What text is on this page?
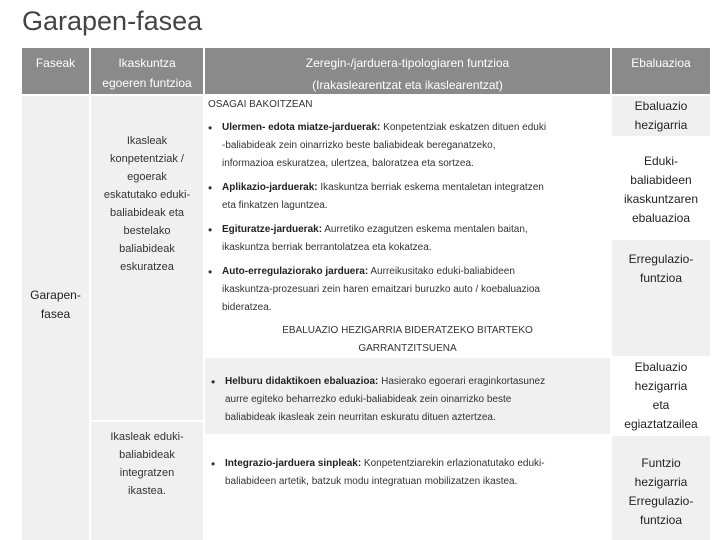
Garapen-fasea
Faseak	Ikaskuntza
egoeren funtzioa
Zeregin-/jarduera-tipologiaren funtzioa
(Irakaslearentzat eta ikaslearentzat)
Ebaluazioa
Garapen-
fasea
Ikasleak
konpetentziak /
egoerak
eskatutako eduki-
baliabideak eta
bestelako
baliabideak
eskuratzea
Ikasleak eduki-
baliabideak
integratzen
ikastea.
OSAGAI BAKOITZEAN
• Ulermen- edota miatze-jarduerak: Konpetentziak eskatzen dituen eduki
-baliabideak zein oinarrizko beste baliabideak bereganatzeko,
informazioa eskuratzea, ulertzea, baloratzea eta sortzea.
• Aplikazio-jarduerak: Ikaskuntza berriak eskema mentaletan integratzen
eta finkatzen laguntzea.
• Egituratze-jarduerak: Aurretiko ezagutzen eskema mentalen baitan,
ikaskuntza berriak berrantolatzea eta kokatzea.
• Auto-erregulaziorako jarduera: Aurreikusitako eduki-baliabideen
ikaskuntza-prozesuari zein haren emaitzari buruzko auto / koebaluazioa
bideratzea.
EBALUAZIO HEZIGARRIA BIDERATZEKO BITARTEKO
GARRANTZITSUENA
• Helburu didaktikoen ebaluazioa: Hasierako egoerari eraginkortasunez
aurre egiteko beharrezko eduki-baliabideak zein oinarrizko beste
baliabideak ikasleak zein neurritan eskuratu dituen aztertzea.
• Integrazio-jarduera sinpleak: Konpetentziarekin erlazionatutako eduki-
baliabideen artetik, batzuk modu integratuan mobilizatzen ikastea.
Ebaluazio
hezigarria
Eduki-
baliabideen
ikaskuntzaren
ebaluazioa
Erregulazio-
funtzioa
Ebaluazio
hezigarria
eta
egiaztatzailea
Funtzio
hezigarria
Erregulazio-
funtzioa
